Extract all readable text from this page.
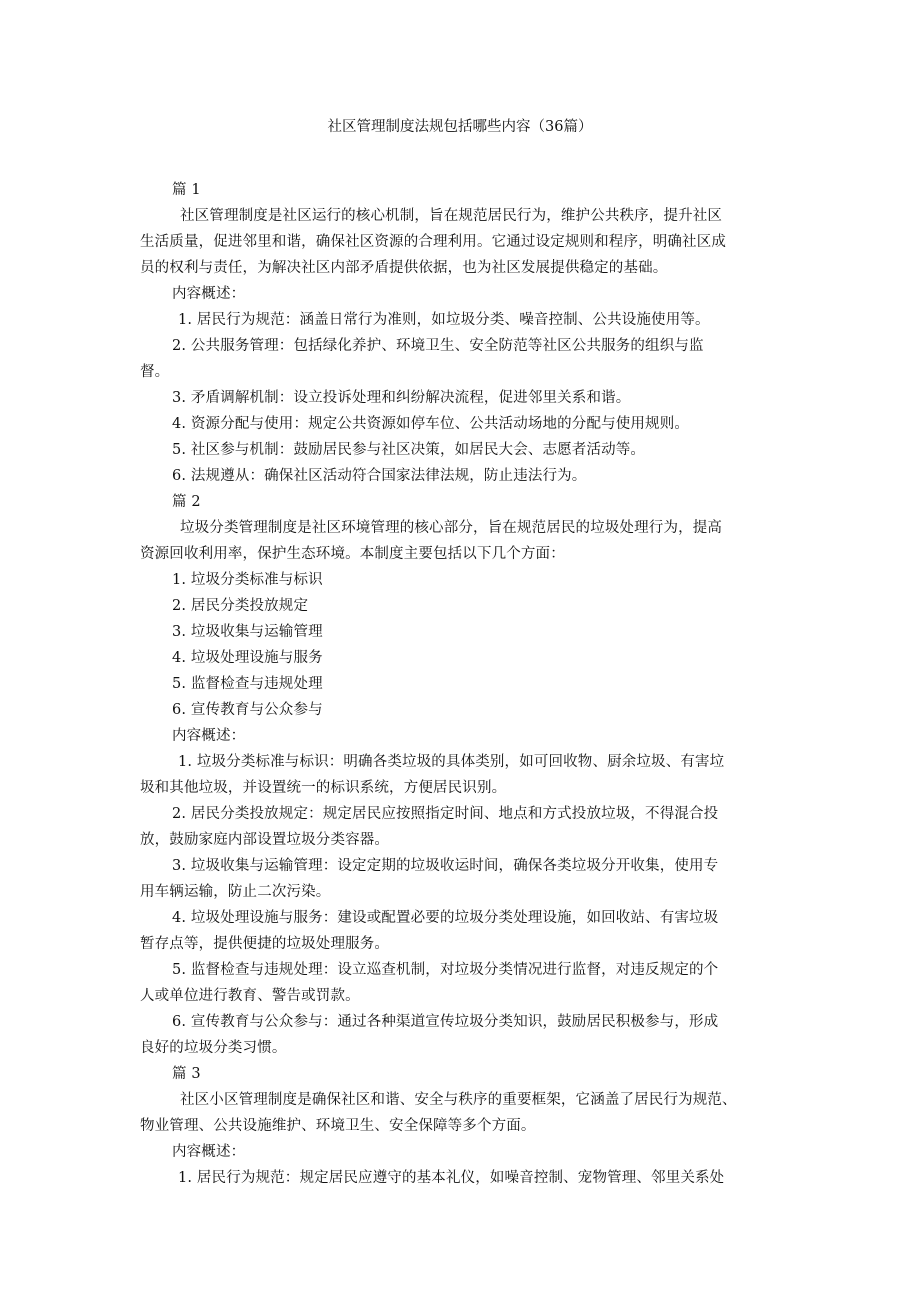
社区管理制度法规包括哪些内容（36篇）
篇 1
社区管理制度是社区运行的核心机制，旨在规范居民行为，维护公共秩序，提升社区
生活质量，促进邻里和谐，确保社区资源的合理利用。它通过设定规则和程序，明确社区成
员的权利与责任，为解决社区内部矛盾提供依据，也为社区发展提供稳定的基础。
内容概述：
1. 居民行为规范：涵盖日常行为准则，如垃圾分类、噪音控制、公共设施使用等。
2. 公共服务管理：包括绿化养护、环境卫生、安全防范等社区公共服务的组织与监
督。
3. 矛盾调解机制：设立投诉处理和纠纷解决流程，促进邻里关系和谐。
4. 资源分配与使用：规定公共资源如停车位、公共活动场地的分配与使用规则。
5. 社区参与机制：鼓励居民参与社区决策，如居民大会、志愿者活动等。
6. 法规遵从：确保社区活动符合国家法律法规，防止违法行为。
篇 2
垃圾分类管理制度是社区环境管理的核心部分，旨在规范居民的垃圾处理行为，提高
资源回收利用率，保护生态环境。本制度主要包括以下几个方面：
1. 垃圾分类标准与标识
2. 居民分类投放规定
3. 垃圾收集与运输管理
4. 垃圾处理设施与服务
5. 监督检查与违规处理
6. 宣传教育与公众参与
内容概述：
1. 垃圾分类标准与标识：明确各类垃圾的具体类别，如可回收物、厨余垃圾、有害垃
圾和其他垃圾，并设置统一的标识系统，方便居民识别。
2. 居民分类投放规定：规定居民应按照指定时间、地点和方式投放垃圾，不得混合投
放，鼓励家庭内部设置垃圾分类容器。
3. 垃圾收集与运输管理：设定定期的垃圾收运时间，确保各类垃圾分开收集，使用专
用车辆运输，防止二次污染。
4. 垃圾处理设施与服务：建设或配置必要的垃圾分类处理设施，如回收站、有害垃圾
暂存点等，提供便捷的垃圾处理服务。
5. 监督检查与违规处理：设立巡查机制，对垃圾分类情况进行监督，对违反规定的个
人或单位进行教育、警告或罚款。
6. 宣传教育与公众参与：通过各种渠道宣传垃圾分类知识，鼓励居民积极参与，形成
良好的垃圾分类习惯。
篇 3
社区小区管理制度是确保社区和谐、安全与秩序的重要框架，它涵盖了居民行为规范、
物业管理、公共设施维护、环境卫生、安全保障等多个方面。
内容概述：
1. 居民行为规范：规定居民应遵守的基本礼仪，如噪音控制、宠物管理、邻里关系处
